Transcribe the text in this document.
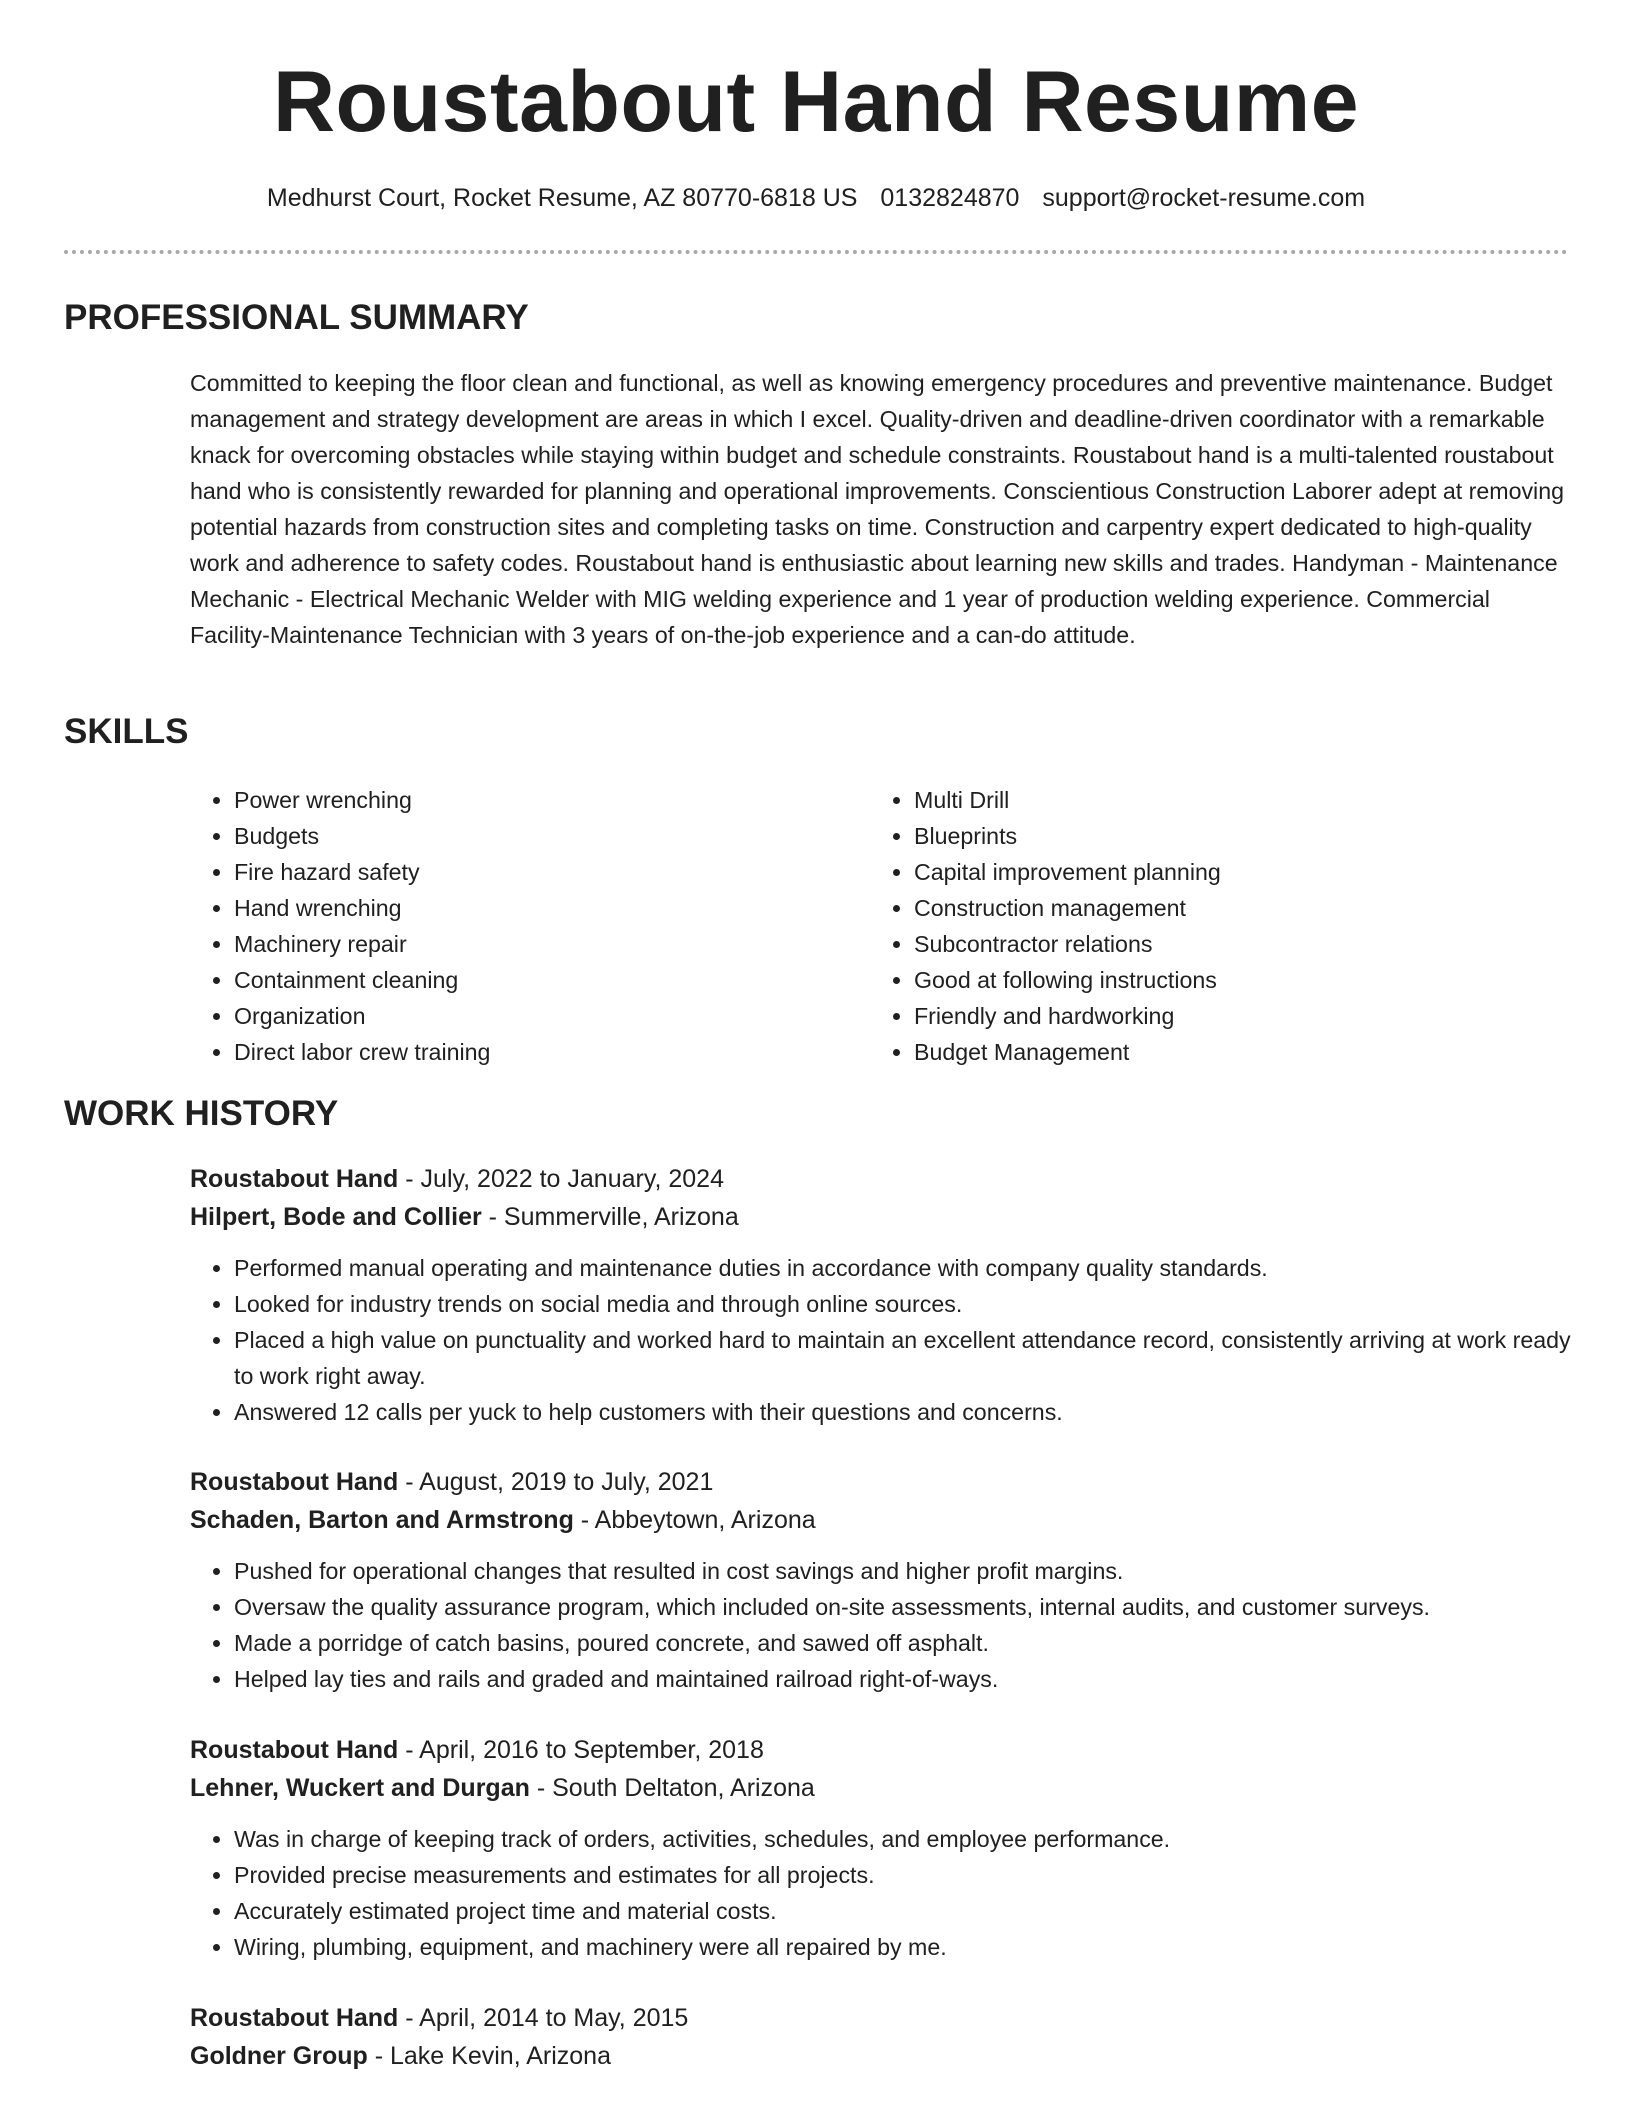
Roustabout Hand Resume
Medhurst Court, Rocket Resume, AZ 80770-6818 US 0132824870 support@rocket-resume.com
PROFESSIONAL SUMMARY

Committed to keeping the floor clean and functional, as well as knowing emergency procedures and preventive maintenance. Budget management and strategy development are areas in which I excel. Quality-driven and deadline-driven coordinator with a remarkable knack for overcoming obstacles while staying within budget and schedule constraints. Roustabout hand is a multi-talented roustabout hand who is consistently rewarded for planning and operational improvements. Conscientious Construction Laborer adept at removing potential hazards from construction sites and completing tasks on time. Construction and carpentry expert dedicated to high-quality work and adherence to safety codes. Roustabout hand is enthusiastic about learning new skills and trades. Handyman - Maintenance Mechanic - Electrical Mechanic Welder with MIG welding experience and 1 year of production welding experience. Commercial Facility-Maintenance Technician with 3 years of on-the-job experience and a can-do attitude.

SKILLS
• Power wrenching
• Budgets
• Fire hazard safety
• Hand wrenching
• Machinery repair
• Containment cleaning
• Organization
• Direct labor crew training
• Multi Drill
• Blueprints
• Capital improvement planning
• Construction management
• Subcontractor relations
• Good at following instructions
• Friendly and hardworking
• Budget Management
WORK HISTORY

Roustabout Hand - July, 2022 to January, 2024

Hilpert, Bode and Collier - Summerville, Arizona

• Performed manual operating and maintenance duties in accordance with company quality standards.
• Looked for industry trends on social media and through online sources.
• Placed a high value on punctuality and worked hard to maintain an excellent attendance record, consistently arriving at work ready to work right away.
• Answered 12 calls per yuck to help customers with their questions and concerns.

Roustabout Hand - August, 2019 to July, 2021

Schaden, Barton and Armstrong - Abbeytown, Arizona

• Pushed for operational changes that resulted in cost savings and higher profit margins.
• Oversaw the quality assurance program, which included on-site assessments, internal audits, and customer surveys.
• Made a porridge of catch basins, poured concrete, and sawed off asphalt.
• Helped lay ties and rails and graded and maintained railroad right-of-ways.

Roustabout Hand - April, 2016 to September, 2018

Lehner, Wuckert and Durgan - South Deltaton, Arizona

• Was in charge of keeping track of orders, activities, schedules, and employee performance.
• Provided precise measurements and estimates for all projects.
• Accurately estimated project time and material costs.
• Wiring, plumbing, equipment, and machinery were all repaired by me.

Roustabout Hand - April, 2014 to May, 2015

Goldner Group - Lake Kevin, Arizona
